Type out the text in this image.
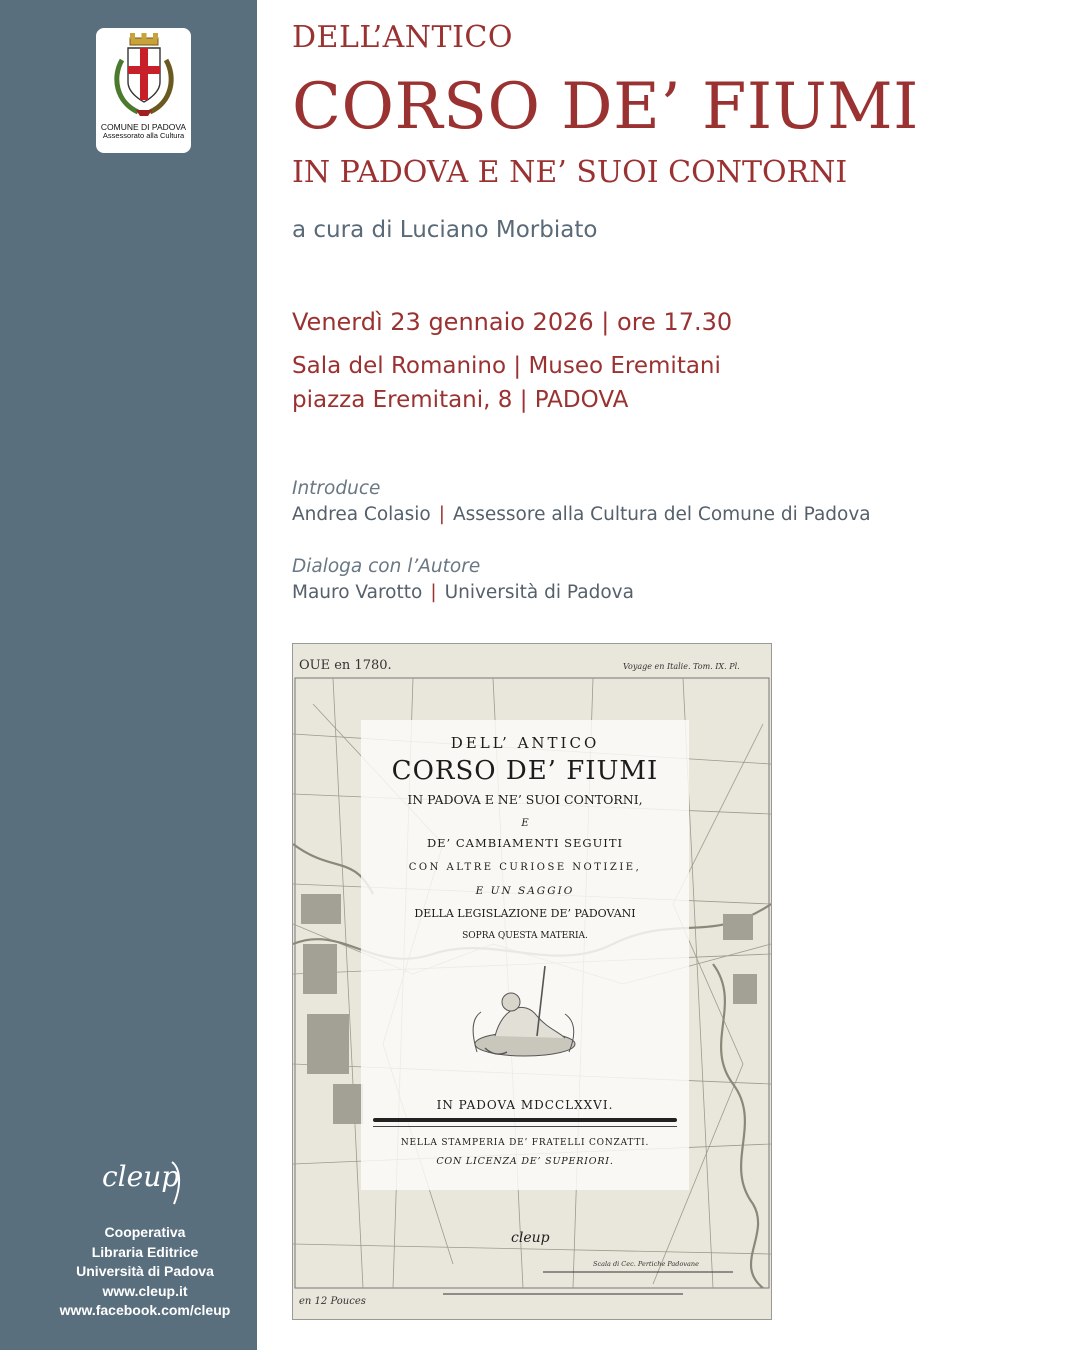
COMUNE DI PADOVA
Assessorato alla Cultura
cleup
Cooperativa
Libraria Editrice
Università di Padova
www.cleup.it
www.facebook.com/cleup
DELL’ANTICO
CORSO DE’ FIUMI
IN PADOVA E NE’ SUOI CONTORNI
a cura di Luciano Morbiato
Venerdì 23 gennaio 2026 | ore 17.30
Sala del Romanino | Museo Eremitani
piazza Eremitani, 8 | PADOVA
Introduce
Andrea Colasio | Assessore alla Cultura del Comune di Padova
Dialoga con l’Autore
Mauro Varotto | Università di Padova
OUE en 1780.	Voyage en Italie. Tom. IX. Pl.
en 12 Pouces
Scala di Cec. Pertiche Padovane
DELL’ ANTICO
CORSO DE’ FIUMI
IN PADOVA E NE’ SUOI CONTORNI,
E
DE’ CAMBIAMENTI SEGUITI
CON ALTRE CURIOSE NOTIZIE,
E UN SAGGIO
DELLA LEGISLAZIONE DE’ PADOVANI
SOPRA QUESTA MATERIA.
IN PADOVA MDCCLXXVI.
NELLA STAMPERIA DE’ FRATELLI CONZATTI.
CON LICENZA DE’ SUPERIORI.
cleup
